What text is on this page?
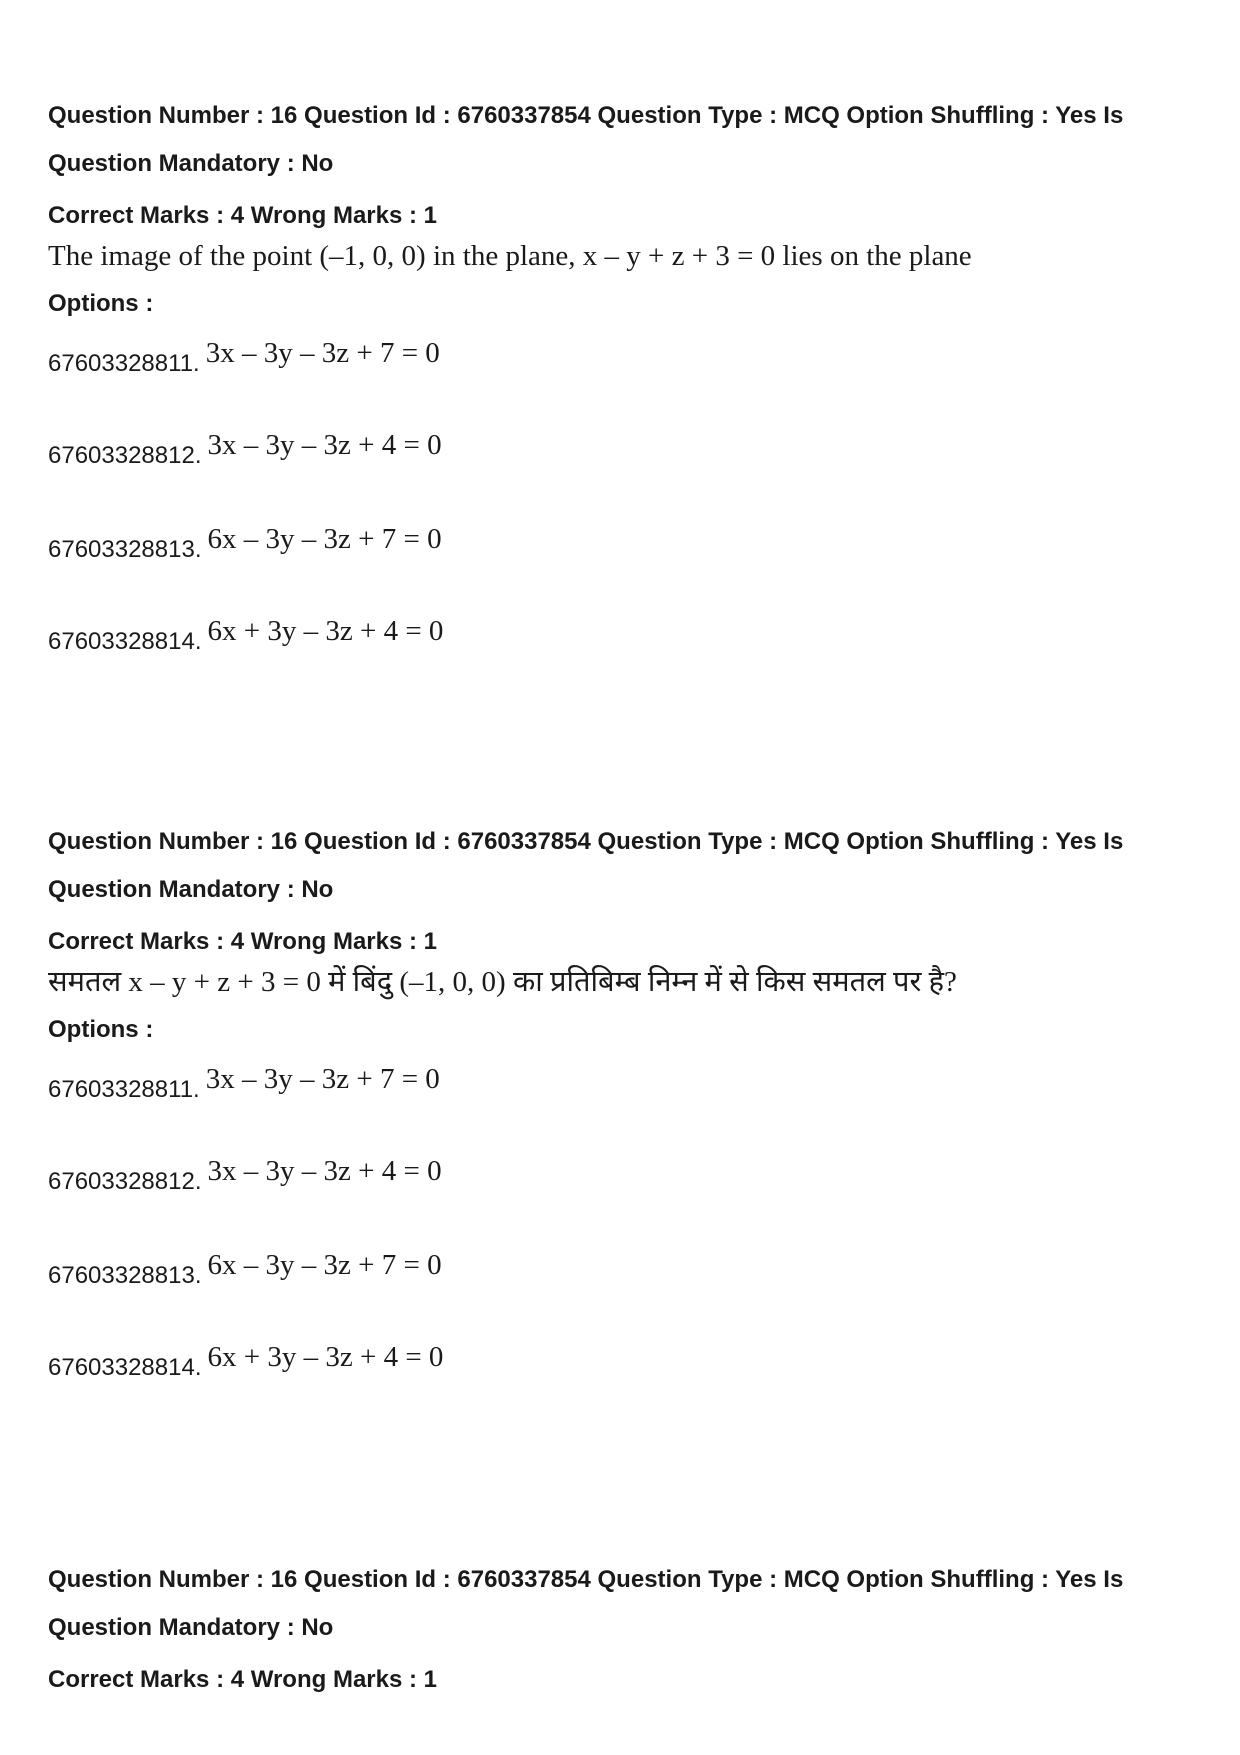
Question Number : 16 Question Id : 6760337854 Question Type : MCQ Option Shuffling : Yes Is

Question Mandatory : No

Correct Marks : 4 Wrong Marks : 1

The image of the point (–1, 0, 0) in the plane, x – y + z + 3 = 0 lies on the plane

Options :

67603328811. 3x – 3y – 3z + 7 = 0
67603328812. 3x – 3y – 3z + 4 = 0
67603328813. 6x – 3y – 3z + 7 = 0
67603328814. 6x + 3y – 3z + 4 = 0

Question Number : 16 Question Id : 6760337854 Question Type : MCQ Option Shuffling : Yes Is

Question Mandatory : No

Correct Marks : 4 Wrong Marks : 1

समतल x – y + z + 3 = 0 में बिंदु (–1, 0, 0) का प्रतिबिम्ब निम्न में से किस समतल पर है?

Options :

67603328811. 3x – 3y – 3z + 7 = 0
67603328812. 3x – 3y – 3z + 4 = 0
67603328813. 6x – 3y – 3z + 7 = 0
67603328814. 6x + 3y – 3z + 4 = 0

Question Number : 16 Question Id : 6760337854 Question Type : MCQ Option Shuffling : Yes Is

Question Mandatory : No

Correct Marks : 4 Wrong Marks : 1
